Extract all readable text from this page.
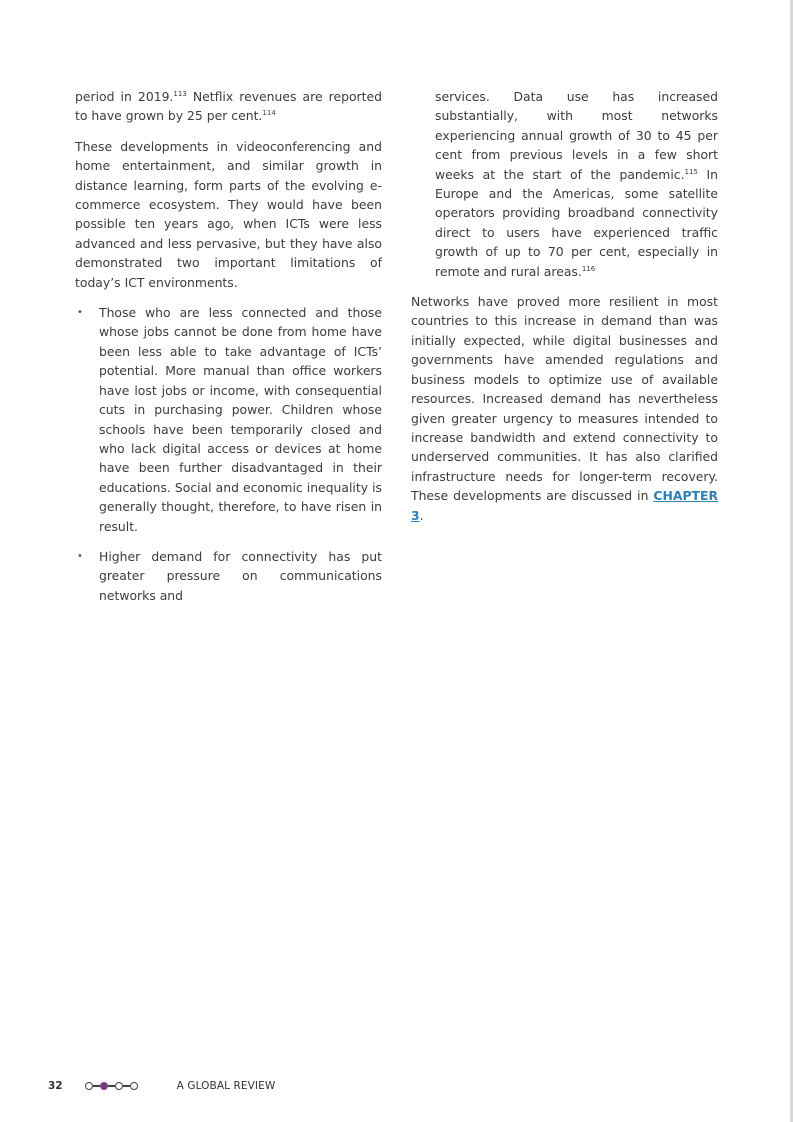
period in 2019.$^{113}$ Netflix revenues are reported to have grown by 25 per cent.$^{114}$

These developments in videoconferencing and home entertainment, and similar growth in distance learning, form parts of the evolving e-commerce ecosystem. They would have been possible ten years ago, when ICTs were less advanced and less pervasive, but they have also demonstrated two important limitations of today’s ICT environments.

• Those who are less connected and those whose jobs cannot be done from home have been less able to take advantage of ICTs’ potential. More manual than office workers have lost jobs or income, with consequential cuts in purchasing power. Children whose schools have been temporarily closed and who lack digital access or devices at home have been further disadvantaged in their educations. Social and economic inequality is generally thought, therefore, to have risen in result.
• Higher demand for connectivity has put greater pressure on communications networks and

services. Data use has increased substantially, with most networks experiencing annual growth of 30 to 45 per cent from previous levels in a few short weeks at the start of the pandemic.$^{115}$ In Europe and the Americas, some satellite operators providing broadband connectivity direct to users have experienced traffic growth of up to 70 per cent, especially in remote and rural areas.$^{116}$

Networks have proved more resilient in most countries to this increase in demand than was initially expected, while digital businesses and governments have amended regulations and business models to optimize use of available resources. Increased demand has nevertheless given greater urgency to measures intended to increase bandwidth and extend connectivity to underserved communities. It has also clarified infrastructure needs for longer-term recovery. These developments are discussed in CHAPTER 3.

32	A GLOBAL REVIEW
